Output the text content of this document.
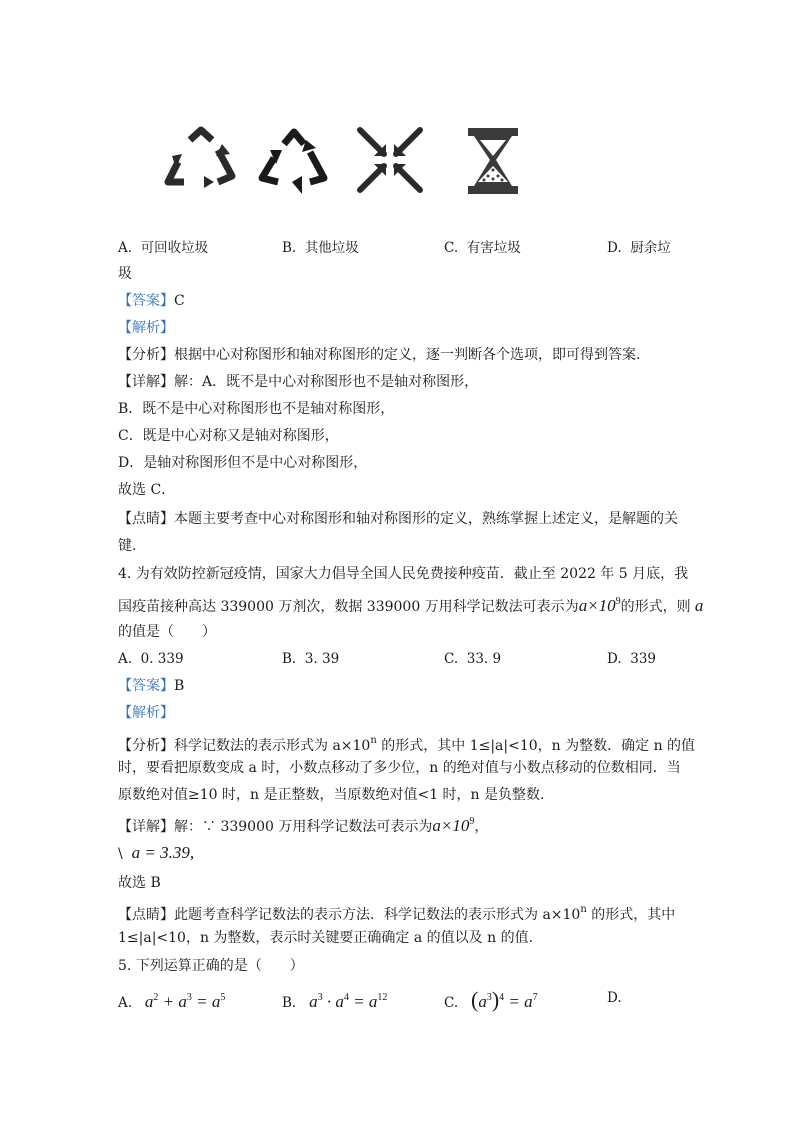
A. 可回收垃圾	B. 其他垃圾	C. 有害垃圾	D. 厨余垃
圾
【答案】C
【解析】
【分析】根据中心对称图形和轴对称图形的定义，逐一判断各个选项，即可得到答案.
【详解】解：A．既不是中心对称图形也不是轴对称图形，
B．既不是中心对称图形也不是轴对称图形，
C．既是中心对称又是轴对称图形，
D．是轴对称图形但不是中心对称图形，
故选 C．
【点睛】本题主要考查中心对称图形和轴对称图形的定义，熟练掌握上述定义，是解题的关
键.
4. 为有效防控新冠疫情，国家大力倡导全国人民免费接种疫苗．截止至 2022 年 5 月底，我
国疫苗接种高达 339000 万剂次，数据 339000 万用科学记数法可表示为$a\times 10^9$的形式，则 a
的值是（　　）
A. 0. 339	B. 3. 39	C. 33. 9	D. 339
【答案】B
【解析】
【分析】科学记数法的表示形式为 $a\times 10^n$ 的形式，其中 1≤|a|<10，n 为整数．确定 n 的值
时，要看把原数变成 a 时，小数点移动了多少位，n 的绝对值与小数点移动的位数相同．当
原数绝对值≥10 时，n 是正整数，当原数绝对值<1 时，n 是负整数.
【详解】解：∵ 339000 万用科学记数法可表示为$a\times 10^9$，
\ a = 3.39,
故选 B
【点睛】此题考查科学记数法的表示方法．科学记数法的表示形式为 $a\times 10^n$ 的形式，其中
1≤|a|<10，n 为整数，表示时关键要正确确定 a 的值以及 n 的值.
5. 下列运算正确的是（　　）
A. $a^2 + a^3 = a^5$	B. $a^3 \cdot a^4 = a^{12}$	C. $(a^3)^4 = a^7$	D.
